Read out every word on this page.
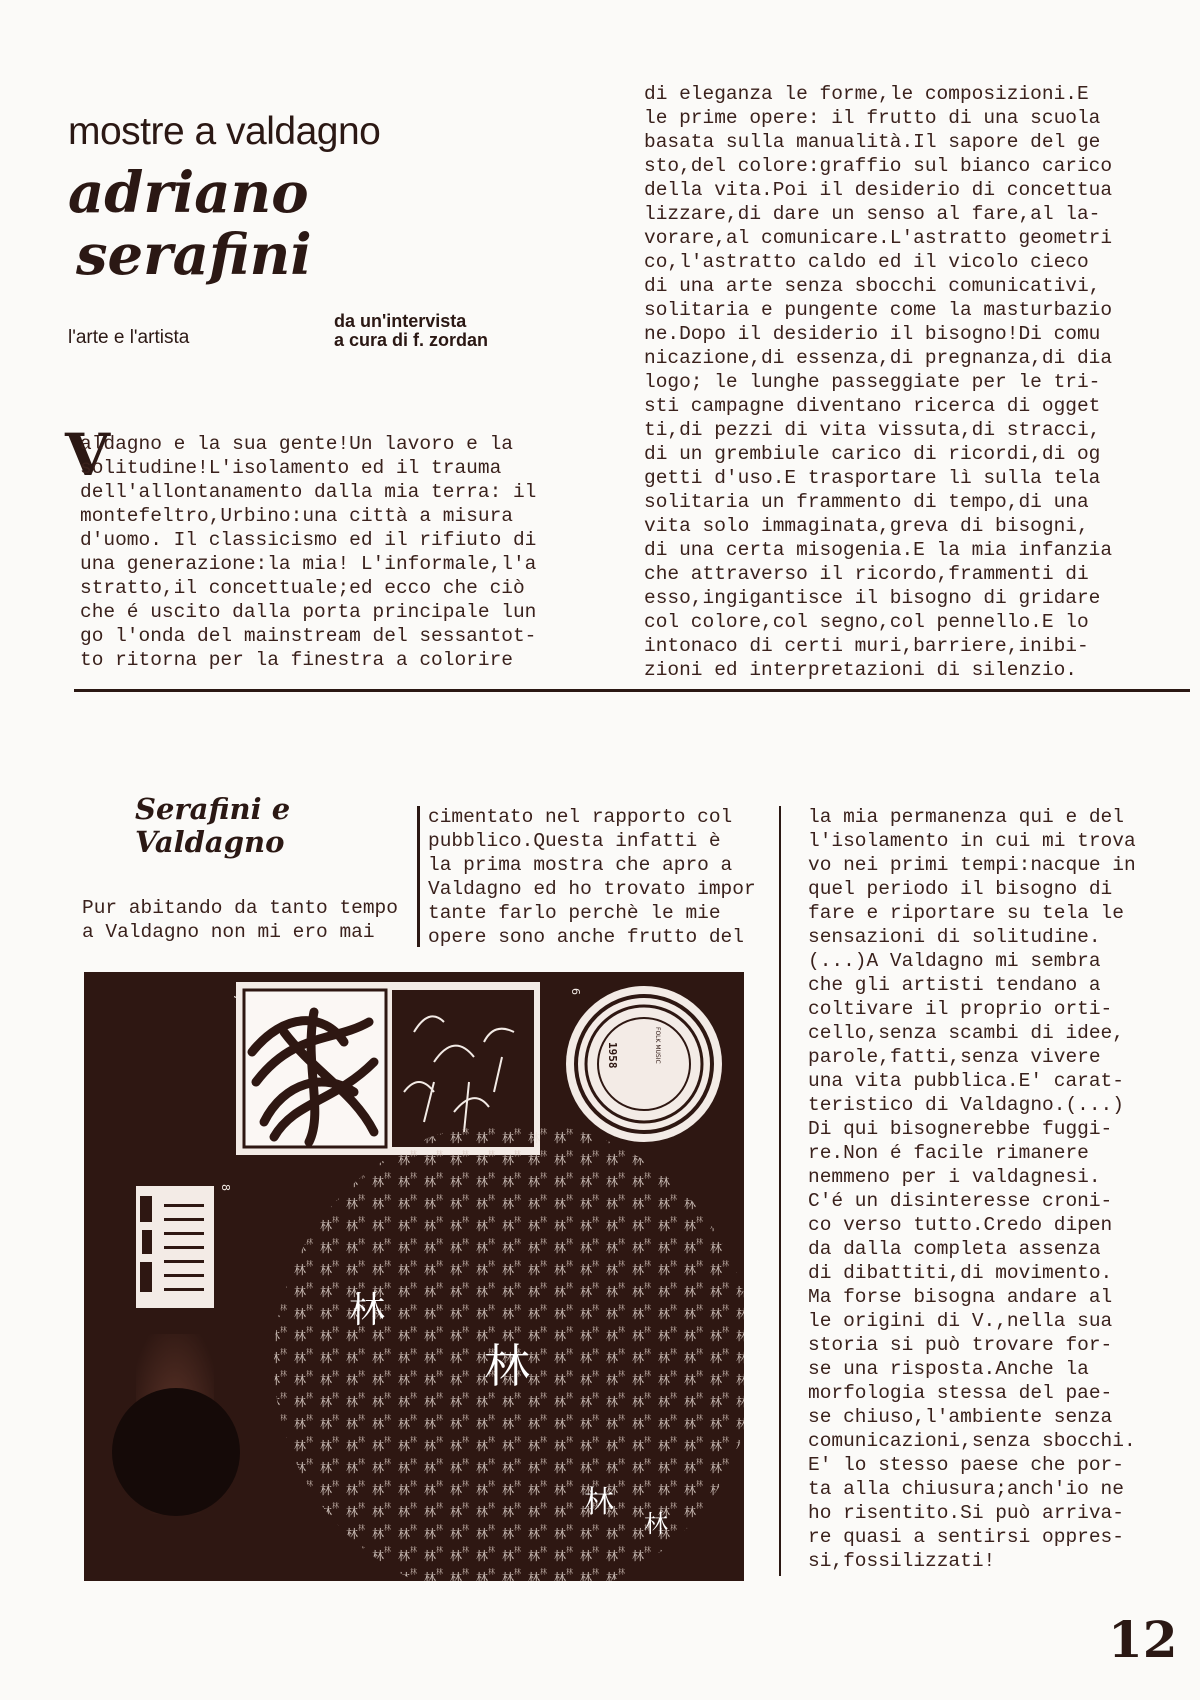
mostre a valdagno
adriano
serafini
l'arte e l'artista
da un'intervista
a cura di f. zordan
V
aldagno e la sua gente!Un lavoro e la
solitudine!L'isolamento ed il trauma
dell'allontanamento dalla mia terra: il
montefeltro,Urbino:una città a misura
d'uomo. Il classicismo ed il rifiuto di
una generazione:la mia! L'informale,l'a
stratto,il concettuale;ed ecco che ciò
che é uscito dalla porta principale lun
go l'onda del mainstream del sessantot-
to ritorna per la finestra a colorire
di eleganza le forme,le composizioni.E
le prime opere: il frutto di una scuola
basata sulla manualità.Il sapore del ge
sto,del colore:graffio sul bianco carico
della vita.Poi il desiderio di concettua
lizzare,di dare un senso al fare,al la-
vorare,al comunicare.L'astratto geometri
co,l'astratto caldo ed il vicolo cieco
di una arte senza sbocchi comunicativi,
solitaria e pungente come la masturbazio
ne.Dopo il desiderio il bisogno!Di comu
nicazione,di essenza,di pregnanza,di dia
logo; le lunghe passeggiate per le tri-
sti campagne diventano ricerca di ogget
ti,di pezzi di vita vissuta,di stracci,
di un grembiule carico di ricordi,di og
getti d'uso.E trasportare lì sulla tela
solitaria un frammento di tempo,di una
vita solo immaginata,greva di bisogni,
di una certa misogenia.E la mia infanzia
che attraverso il ricordo,frammenti di
esso,ingigantisce il bisogno di gridare
col colore,col segno,col pennello.E lo
intonaco di certi muri,barriere,inibi-
zioni ed interpretazioni di silenzio.
Serafini e
Valdagno
Pur abitando da tanto tempo
a Valdagno non mi ero mai
cimentato nel rapporto col
pubblico.Questa infatti è
la prima mostra che apro a
Valdagno ed ho trovato impor
tante farlo perchè le mie
opere sono anche frutto del
la mia permanenza qui e del
l'isolamento in cui mi trova
vo nei primi tempi:nacque in
quel periodo il bisogno di
fare e riportare su tela le
sensazioni di solitudine.
(...)A Valdagno mi sembra
che gli artisti tendano a
coltivare il proprio orti-
cello,senza scambi di idee,
parole,fatti,senza vivere
una vita pubblica.E' carat-
teristico di Valdagno.(...)
Di qui bisognerebbe fuggi-
re.Non é facile rimanere
nemmeno per i valdagnesi.
C'é un disinteresse croni-
co verso tutto.Credo dipen
da dalla completa assenza
di dibattiti,di movimento.
Ma forse bisogna andare al
le origini di V.,nella sua
storia si può trovare for-
se una risposta.Anche la
morfologia stessa del pae-
se chiuso,l'ambiente senza
comunicazioni,senza sbocchi.
E' lo stesso paese che por-
ta alla chiusura;anch'io ne
ho risentito.Si può arriva-
re quasi a sentirsi oppres-
si,fossilizzati!
7
1958	FOLK MUSIC
6
8
林
林
林
林
12
